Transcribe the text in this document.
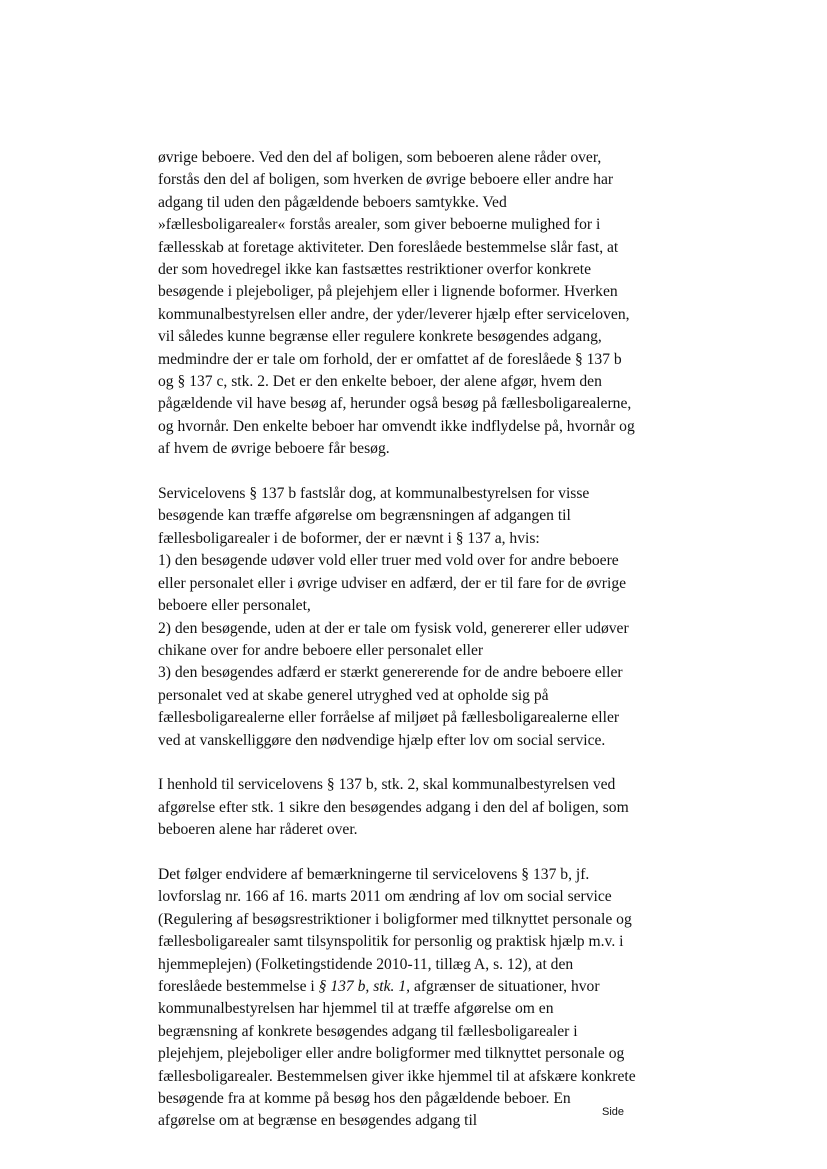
øvrige beboere. Ved den del af boligen, som beboeren alene råder over,
forstås den del af boligen, som hverken de øvrige beboere eller andre har
adgang til uden den pågældende beboers samtykke. Ved
»fællesboligarealer« forstås arealer, som giver beboerne mulighed for i
fællesskab at foretage aktiviteter. Den foreslåede bestemmelse slår fast, at
der som hovedregel ikke kan fastsættes restriktioner overfor konkrete
besøgende i plejeboliger, på plejehjem eller i lignende boformer. Hverken
kommunalbestyrelsen eller andre, der yder/leverer hjælp efter serviceloven,
vil således kunne begrænse eller regulere konkrete besøgendes adgang,
medmindre der er tale om forhold, der er omfattet af de foreslåede § 137 b
og § 137 c, stk. 2. Det er den enkelte beboer, der alene afgør, hvem den
pågældende vil have besøg af, herunder også besøg på fællesboligarealerne,
og hvornår. Den enkelte beboer har omvendt ikke indflydelse på, hvornår og
af hvem de øvrige beboere får besøg.

Servicelovens § 137 b fastslår dog, at kommunalbestyrelsen for visse
besøgende kan træffe afgørelse om begrænsningen af adgangen til
fællesboligarealer i de boformer, der er nævnt i § 137 a, hvis:
1) den besøgende udøver vold eller truer med vold over for andre beboere
eller personalet eller i øvrige udviser en adfærd, der er til fare for de øvrige
beboere eller personalet,
2) den besøgende, uden at der er tale om fysisk vold, genererer eller udøver
chikane over for andre beboere eller personalet eller
3) den besøgendes adfærd er stærkt genererende for de andre beboere eller
personalet ved at skabe generel utryghed ved at opholde sig på
fællesboligarealerne eller forråelse af miljøet på fællesboligarealerne eller
ved at vanskelliggøre den nødvendige hjælp efter lov om social service.

I henhold til servicelovens § 137 b, stk. 2, skal kommunalbestyrelsen ved
afgørelse efter stk. 1 sikre den besøgendes adgang i den del af boligen, som
beboeren alene har råderet over.

Det følger endvidere af bemærkningerne til servicelovens § 137 b, jf.
lovforslag nr. 166 af 16. marts 2011 om ændring af lov om social service
(Regulering af besøgsrestriktioner i boligformer med tilknyttet personale og
fællesboligarealer samt tilsynspolitik for personlig og praktisk hjælp m.v. i
hjemmeplejen) (Folketingstidende 2010-11, tillæg A, s. 12), at den
foreslåede bestemmelse i § 137 b, stk. 1, afgrænser de situationer, hvor
kommunalbestyrelsen har hjemmel til at træffe afgørelse om en
begrænsning af konkrete besøgendes adgang til fællesboligarealer i
plejehjem, plejeboliger eller andre boligformer med tilknyttet personale og
fællesboligarealer. Bestemmelsen giver ikke hjemmel til at afskære konkrete
besøgende fra at komme på besøg hos den pågældende beboer. En
afgørelse om at begrænse en besøgendes adgang til

Side
